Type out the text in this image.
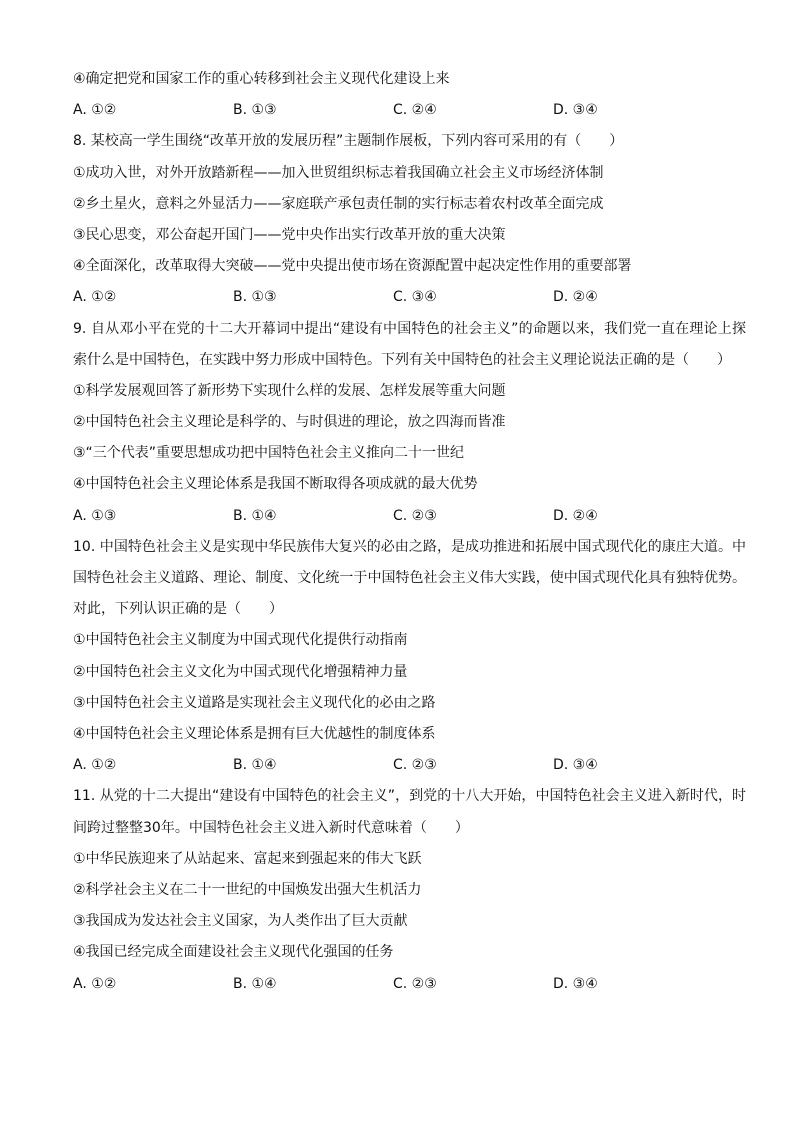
④确定把党和国家工作的重心转移到社会主义现代化建设上来
A. ①②	B. ①③	C. ②④	D. ③④
8. 某校高一学生围绕“改革开放的发展历程”主题制作展板，下列内容可采用的有（　　）
①成功入世，对外开放踏新程——加入世贸组织标志着我国确立社会主义市场经济体制
②乡土星火，意料之外显活力——家庭联产承包责任制的实行标志着农村改革全面完成
③民心思变，邓公奋起开国门——党中央作出实行改革开放的重大决策
④全面深化，改革取得大突破——党中央提出使市场在资源配置中起决定性作用的重要部署
A. ①②	B. ①③	C. ③④	D. ②④
9. 自从邓小平在党的十二大开幕词中提出“建设有中国特色的社会主义”的命题以来，我们党一直在理论上探索什么是中国特色，在实践中努力形成中国特色。下列有关中国特色的社会主义理论说法正确的是（　　）
①科学发展观回答了新形势下实现什么样的发展、怎样发展等重大问题
②中国特色社会主义理论是科学的、与时俱进的理论，放之四海而皆准
③“三个代表”重要思想成功把中国特色社会主义推向二十一世纪
④中国特色社会主义理论体系是我国不断取得各项成就的最大优势
A. ①③	B. ①④	C. ②③	D. ②④
10. 中国特色社会主义是实现中华民族伟大复兴的必由之路，是成功推进和拓展中国式现代化的康庄大道。中国特色社会主义道路、理论、制度、文化统一于中国特色社会主义伟大实践，使中国式现代化具有独特优势。对此，下列认识正确的是（　　）
①中国特色社会主义制度为中国式现代化提供行动指南
②中国特色社会主义文化为中国式现代化增强精神力量
③中国特色社会主义道路是实现社会主义现代化的必由之路
④中国特色社会主义理论体系是拥有巨大优越性的制度体系
A. ①②	B. ①④	C. ②③	D. ③④
11. 从党的十二大提出“建设有中国特色的社会主义”，到党的十八大开始，中国特色社会主义进入新时代，时间跨过整整30年。中国特色社会主义进入新时代意味着（　　）
①中华民族迎来了从站起来、富起来到强起来的伟大飞跃
②科学社会主义在二十一世纪的中国焕发出强大生机活力
③我国成为发达社会主义国家，为人类作出了巨大贡献
④我国已经完成全面建设社会主义现代化强国的任务
A. ①②	B. ①④	C. ②③	D. ③④
